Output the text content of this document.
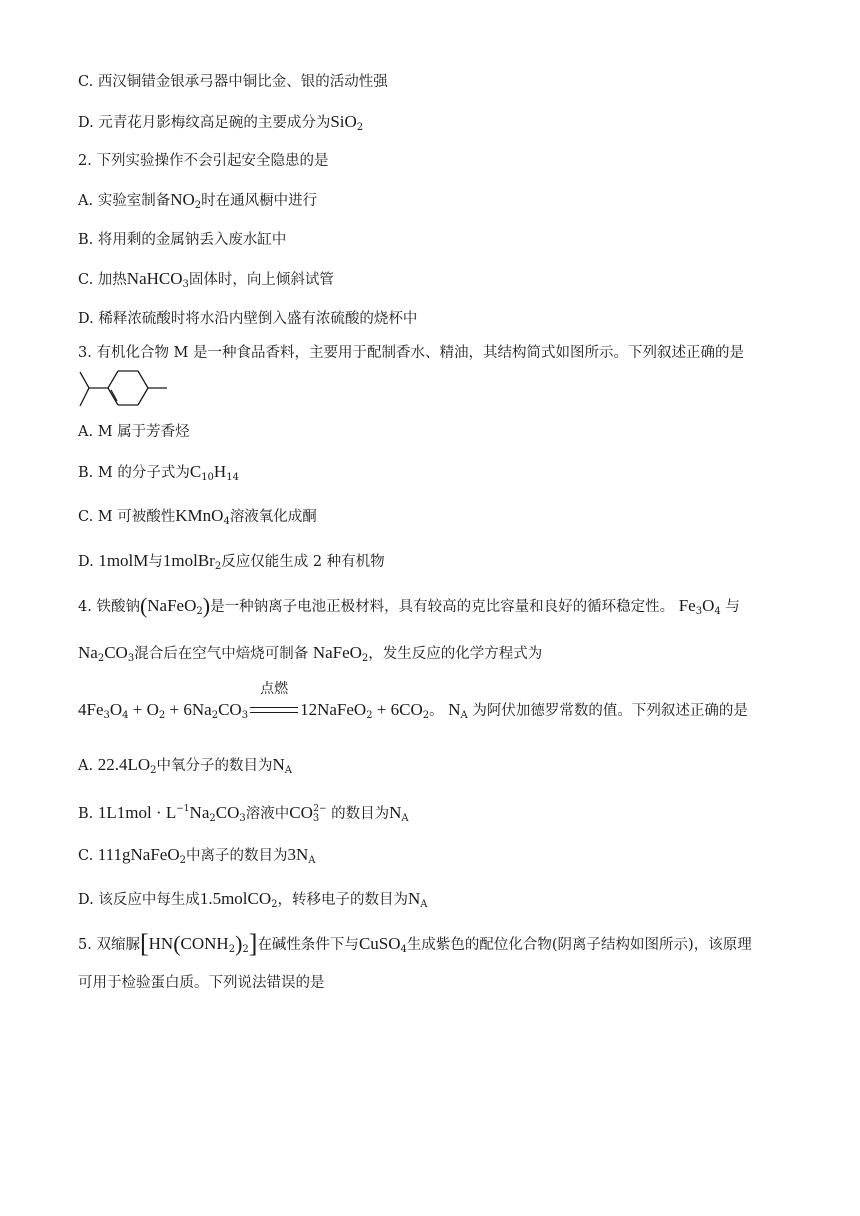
C. 西汉铜错金银承弓器中铜比金、银的活动性强
D. 元青花月影梅纹高足碗的主要成分为SiO$_2$
2. 下列实验操作不会引起安全隐患的是
A. 实验室制备$NO_2$时在通风橱中进行
B. 将用剩的金属钠丢入废水缸中
C. 加热NaHCO$_3$固体时，向上倾斜试管
D. 稀释浓硫酸时将水沿内壁倒入盛有浓硫酸的烧杯中
3. 有机化合物 M 是一种食品香料，主要用于配制香水、精油，其结构简式如图所示。下列叙述正确的是
A. M 属于芳香烃
B. M 的分子式为$C_{10}H_{14}$
C. M 可被酸性KMnO$_4$溶液氧化成酮
D. 1molM与1molBr$_2$反应仅能生成 2 种有机物
4. 铁酸钠(NaFeO$_2$)是一种钠离子电池正极材料，具有较高的克比容量和良好的循环稳定性。 $Fe_3O_4$ 与
$Na_2CO_3$混合后在空气中焙烧可制备 NaFeO$_2$，发生反应的化学方程式为
$4Fe_3O_4 + O_2 + 6Na_2CO_3$
点燃
12NaFeO$_2$ + $6CO_2$。 $N_A$ 为阿伏加德罗常数的值。下列叙述正确的是
A. $22.4LO_2$中氧分子的数目为$N_A$
B. $1L1mol \cdot L^{-1}Na_2CO_3$溶液中$CO_3^{2-}$ 的数目为$N_A$
C. 111gNaFeO$_2$中离子的数目为$3N_A$
D. 该反应中每生成1.5molCO$_2$，转移电子的数目为$N_A$
5. 双缩脲$[HN(CONH_2)_2]$在碱性条件下与CuSO$_4$生成紫色的配位化合物(阴离子结构如图所示)，该原理
可用于检验蛋白质。下列说法错误的是
